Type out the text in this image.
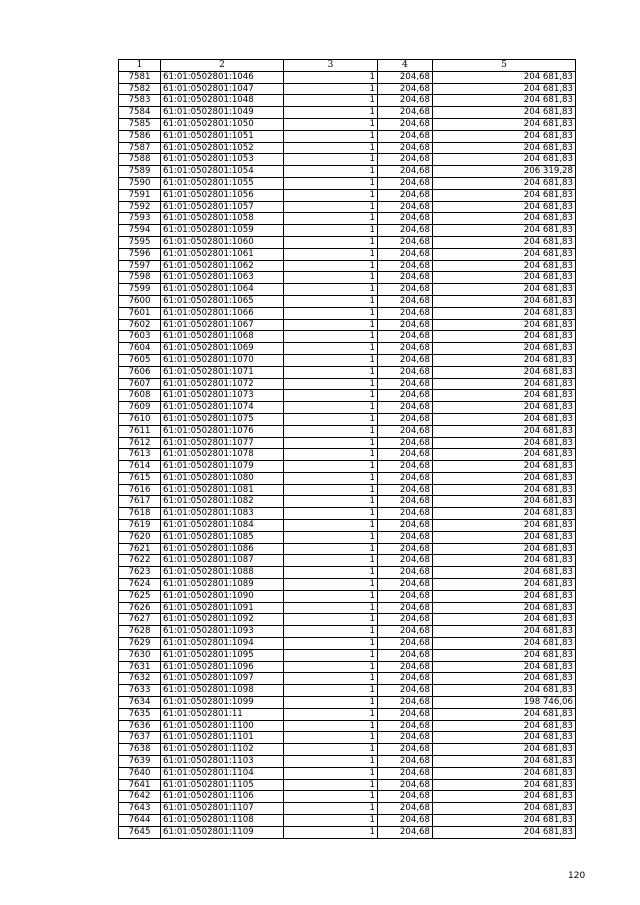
1	2	3	4	5
7581	61:01:0502801:1046	1	204,68	204 681,83
7582	61:01:0502801:1047	1	204,68	204 681,83
7583	61:01:0502801:1048	1	204,68	204 681,83
7584	61:01:0502801:1049	1	204,68	204 681,83
7585	61:01:0502801:1050	1	204,68	204 681,83
7586	61:01:0502801:1051	1	204,68	204 681,83
7587	61:01:0502801:1052	1	204,68	204 681,83
7588	61:01:0502801:1053	1	204,68	204 681,83
7589	61:01:0502801:1054	1	204,68	206 319,28
7590	61:01:0502801:1055	1	204,68	204 681,83
7591	61:01:0502801:1056	1	204,68	204 681,83
7592	61:01:0502801:1057	1	204,68	204 681,83
7593	61:01:0502801:1058	1	204,68	204 681,83
7594	61:01:0502801:1059	1	204,68	204 681,83
7595	61:01:0502801:1060	1	204,68	204 681,83
7596	61:01:0502801:1061	1	204,68	204 681,83
7597	61:01:0502801:1062	1	204,68	204 681,83
7598	61:01:0502801:1063	1	204,68	204 681,83
7599	61:01:0502801:1064	1	204,68	204 681,83
7600	61:01:0502801:1065	1	204,68	204 681,83
7601	61:01:0502801:1066	1	204,68	204 681,83
7602	61:01:0502801:1067	1	204,68	204 681,83
7603	61:01:0502801:1068	1	204,68	204 681,83
7604	61:01:0502801:1069	1	204,68	204 681,83
7605	61:01:0502801:1070	1	204,68	204 681,83
7606	61:01:0502801:1071	1	204,68	204 681,83
7607	61:01:0502801:1072	1	204,68	204 681,83
7608	61:01:0502801:1073	1	204,68	204 681,83
7609	61:01:0502801:1074	1	204,68	204 681,83
7610	61:01:0502801:1075	1	204,68	204 681,83
7611	61:01:0502801:1076	1	204,68	204 681,83
7612	61:01:0502801:1077	1	204,68	204 681,83
7613	61:01:0502801:1078	1	204,68	204 681,83
7614	61:01:0502801:1079	1	204,68	204 681,83
7615	61:01:0502801:1080	1	204,68	204 681,83
7616	61:01:0502801:1081	1	204,68	204 681,83
7617	61:01:0502801:1082	1	204,68	204 681,83
7618	61:01:0502801:1083	1	204,68	204 681,83
7619	61:01:0502801:1084	1	204,68	204 681,83
7620	61:01:0502801:1085	1	204,68	204 681,83
7621	61:01:0502801:1086	1	204,68	204 681,83
7622	61:01:0502801:1087	1	204,68	204 681,83
7623	61:01:0502801:1088	1	204,68	204 681,83
7624	61:01:0502801:1089	1	204,68	204 681,83
7625	61:01:0502801:1090	1	204,68	204 681,83
7626	61:01:0502801:1091	1	204,68	204 681,83
7627	61:01:0502801:1092	1	204,68	204 681,83
7628	61:01:0502801:1093	1	204,68	204 681,83
7629	61:01:0502801:1094	1	204,68	204 681,83
7630	61:01:0502801:1095	1	204,68	204 681,83
7631	61:01:0502801:1096	1	204,68	204 681,83
7632	61:01:0502801:1097	1	204,68	204 681,83
7633	61:01:0502801:1098	1	204,68	204 681,83
7634	61:01:0502801:1099	1	204,68	198 746,06
7635	61:01:0502801:11	1	204,68	204 681,83
7636	61:01:0502801:1100	1	204,68	204 681,83
7637	61:01:0502801:1101	1	204,68	204 681,83
7638	61:01:0502801:1102	1	204,68	204 681,83
7639	61:01:0502801:1103	1	204,68	204 681,83
7640	61:01:0502801:1104	1	204,68	204 681,83
7641	61:01:0502801:1105	1	204,68	204 681,83
7642	61:01:0502801:1106	1	204,68	204 681,83
7643	61:01:0502801:1107	1	204,68	204 681,83
7644	61:01:0502801:1108	1	204,68	204 681,83
7645	61:01:0502801:1109	1	204,68	204 681,83
120
